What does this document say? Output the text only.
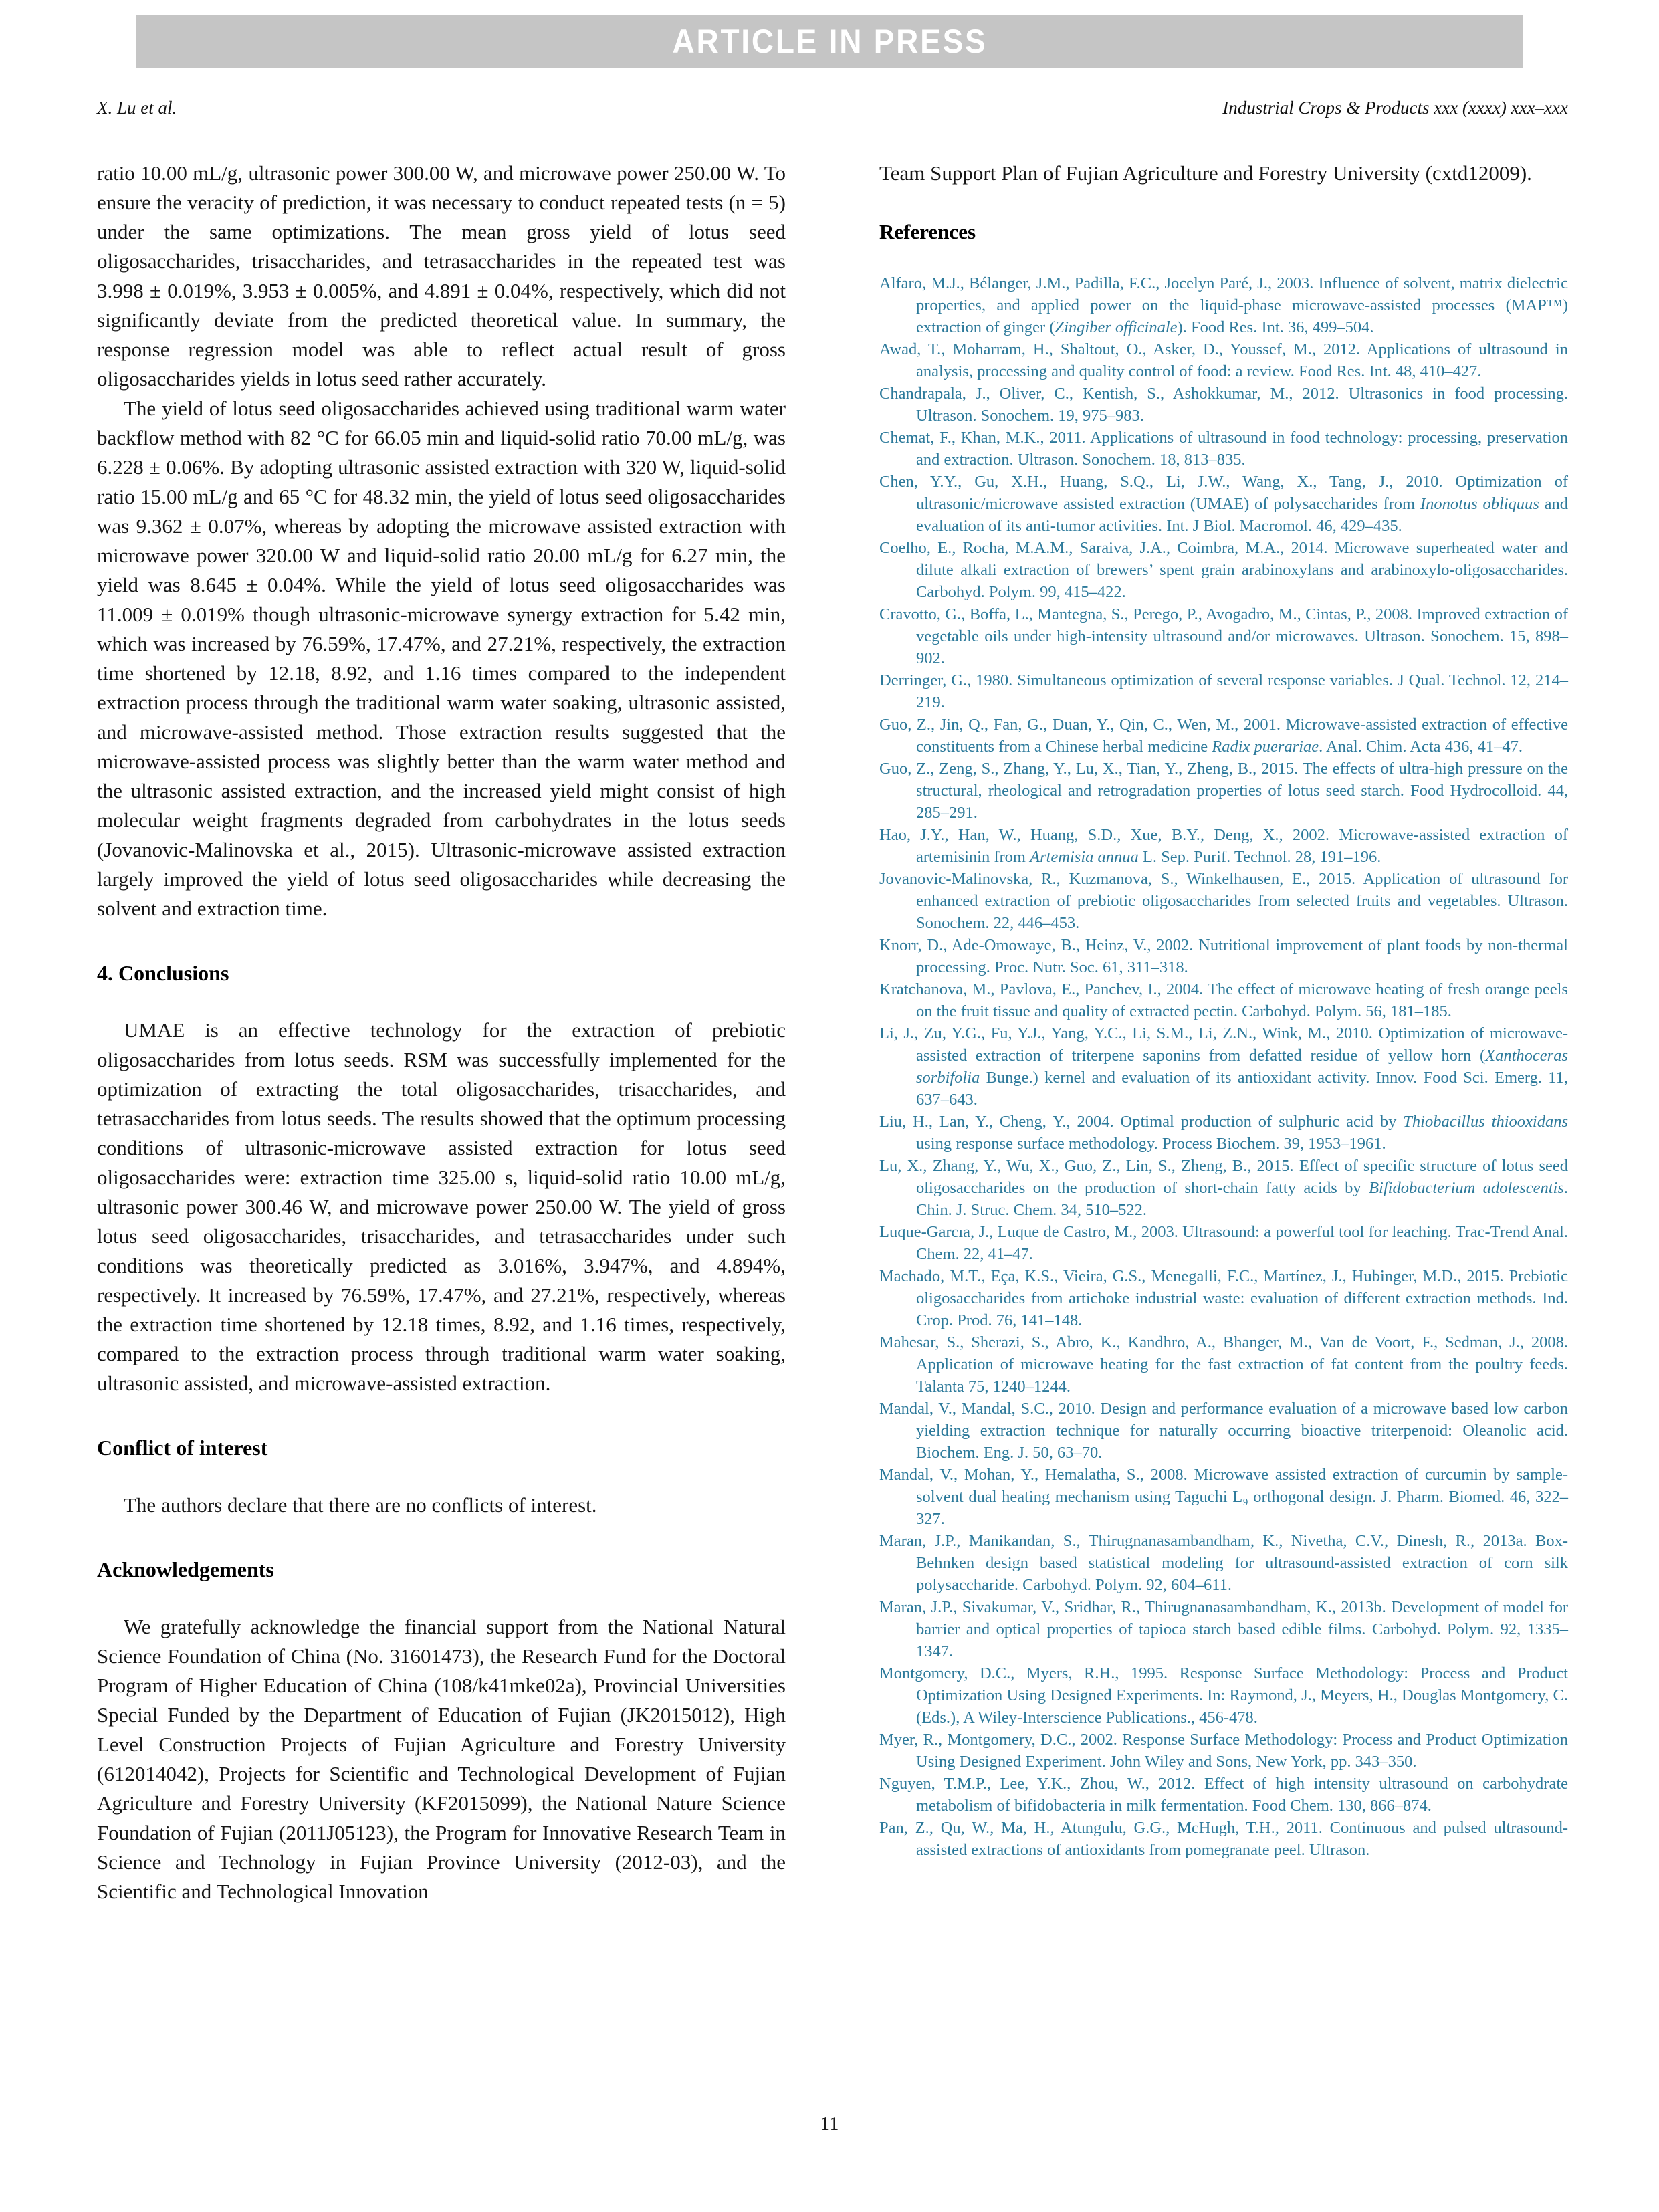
ARTICLE IN PRESS
X. Lu et al.	Industrial Crops & Products xxx (xxxx) xxx–xxx

ratio 10.00 mL/g, ultrasonic power 300.00 W, and microwave power 250.00 W. To ensure the veracity of prediction, it was necessary to conduct repeated tests (n = 5) under the same optimizations. The mean gross yield of lotus seed oligosaccharides, trisaccharides, and tetrasaccharides in the repeated test was 3.998 ± 0.019%, 3.953 ± 0.005%, and 4.891 ± 0.04%, respectively, which did not significantly deviate from the predicted theoretical value. In summary, the response regression model was able to reflect actual result of gross oligosaccharides yields in lotus seed rather accurately.

The yield of lotus seed oligosaccharides achieved using traditional warm water backflow method with 82 °C for 66.05 min and liquid-solid ratio 70.00 mL/g, was 6.228 ± 0.06%. By adopting ultrasonic assisted extraction with 320 W, liquid-solid ratio 15.00 mL/g and 65 °C for 48.32 min, the yield of lotus seed oligosaccharides was 9.362 ± 0.07%, whereas by adopting the microwave assisted extraction with microwave power 320.00 W and liquid-solid ratio 20.00 mL/g for 6.27 min, the yield was 8.645 ± 0.04%. While the yield of lotus seed oligosaccharides was 11.009 ± 0.019% though ultrasonic-microwave synergy extraction for 5.42 min, which was increased by 76.59%, 17.47%, and 27.21%, respectively, the extraction time shortened by 12.18, 8.92, and 1.16 times compared to the independent extraction process through the traditional warm water soaking, ultrasonic assisted, and microwave-assisted method. Those extraction results suggested that the microwave-assisted process was slightly better than the warm water method and the ultrasonic assisted extraction, and the increased yield might consist of high molecular weight fragments degraded from carbohydrates in the lotus seeds (Jovanovic-Malinovska et al., 2015). Ultrasonic-microwave assisted extraction largely improved the yield of lotus seed oligosaccharides while decreasing the solvent and extraction time.

4. Conclusions

UMAE is an effective technology for the extraction of prebiotic oligosaccharides from lotus seeds. RSM was successfully implemented for the optimization of extracting the total oligosaccharides, trisaccharides, and tetrasaccharides from lotus seeds. The results showed that the optimum processing conditions of ultrasonic-microwave assisted extraction for lotus seed oligosaccharides were: extraction time 325.00 s, liquid-solid ratio 10.00 mL/g, ultrasonic power 300.46 W, and microwave power 250.00 W. The yield of gross lotus seed oligosaccharides, trisaccharides, and tetrasaccharides under such conditions was theoretically predicted as 3.016%, 3.947%, and 4.894%, respectively. It increased by 76.59%, 17.47%, and 27.21%, respectively, whereas the extraction time shortened by 12.18 times, 8.92, and 1.16 times, respectively, compared to the extraction process through traditional warm water soaking, ultrasonic assisted, and microwave-assisted extraction.

Conflict of interest

The authors declare that there are no conflicts of interest.

Acknowledgements

We gratefully acknowledge the financial support from the National Natural Science Foundation of China (No. 31601473), the Research Fund for the Doctoral Program of Higher Education of China (108/k41mke02a), Provincial Universities Special Funded by the Department of Education of Fujian (JK2015012), High Level Construction Projects of Fujian Agriculture and Forestry University (612014042), Projects for Scientific and Technological Development of Fujian Agriculture and Forestry University (KF2015099), the National Nature Science Foundation of Fujian (2011J05123), the Program for Innovative Research Team in Science and Technology in Fujian Province University (2012-03), and the Scientific and Technological Innovation

Team Support Plan of Fujian Agriculture and Forestry University (cxtd12009).

References
Alfaro, M.J., Bélanger, J.M., Padilla, F.C., Jocelyn Paré, J., 2003. Influence of solvent, matrix dielectric properties, and applied power on the liquid-phase microwave-assisted processes (MAP™) extraction of ginger (Zingiber officinale). Food Res. Int. 36, 499–504.
Awad, T., Moharram, H., Shaltout, O., Asker, D., Youssef, M., 2012. Applications of ultrasound in analysis, processing and quality control of food: a review. Food Res. Int. 48, 410–427.
Chandrapala, J., Oliver, C., Kentish, S., Ashokkumar, M., 2012. Ultrasonics in food processing. Ultrason. Sonochem. 19, 975–983.
Chemat, F., Khan, M.K., 2011. Applications of ultrasound in food technology: processing, preservation and extraction. Ultrason. Sonochem. 18, 813–835.
Chen, Y.Y., Gu, X.H., Huang, S.Q., Li, J.W., Wang, X., Tang, J., 2010. Optimization of ultrasonic/microwave assisted extraction (UMAE) of polysaccharides from Inonotus obliquus and evaluation of its anti-tumor activities. Int. J Biol. Macromol. 46, 429–435.
Coelho, E., Rocha, M.A.M., Saraiva, J.A., Coimbra, M.A., 2014. Microwave superheated water and dilute alkali extraction of brewers’ spent grain arabinoxylans and arabinoxylo-oligosaccharides. Carbohyd. Polym. 99, 415–422.
Cravotto, G., Boffa, L., Mantegna, S., Perego, P., Avogadro, M., Cintas, P., 2008. Improved extraction of vegetable oils under high-intensity ultrasound and/or microwaves. Ultrason. Sonochem. 15, 898–902.
Derringer, G., 1980. Simultaneous optimization of several response variables. J Qual. Technol. 12, 214–219.
Guo, Z., Jin, Q., Fan, G., Duan, Y., Qin, C., Wen, M., 2001. Microwave-assisted extraction of effective constituents from a Chinese herbal medicine Radix puerariae. Anal. Chim. Acta 436, 41–47.
Guo, Z., Zeng, S., Zhang, Y., Lu, X., Tian, Y., Zheng, B., 2015. The effects of ultra-high pressure on the structural, rheological and retrogradation properties of lotus seed starch. Food Hydrocolloid. 44, 285–291.
Hao, J.Y., Han, W., Huang, S.D., Xue, B.Y., Deng, X., 2002. Microwave-assisted extraction of artemisinin from Artemisia annua L. Sep. Purif. Technol. 28, 191–196.
Jovanovic-Malinovska, R., Kuzmanova, S., Winkelhausen, E., 2015. Application of ultrasound for enhanced extraction of prebiotic oligosaccharides from selected fruits and vegetables. Ultrason. Sonochem. 22, 446–453.
Knorr, D., Ade-Omowaye, B., Heinz, V., 2002. Nutritional improvement of plant foods by non-thermal processing. Proc. Nutr. Soc. 61, 311–318.
Kratchanova, M., Pavlova, E., Panchev, I., 2004. The effect of microwave heating of fresh orange peels on the fruit tissue and quality of extracted pectin. Carbohyd. Polym. 56, 181–185.
Li, J., Zu, Y.G., Fu, Y.J., Yang, Y.C., Li, S.M., Li, Z.N., Wink, M., 2010. Optimization of microwave-assisted extraction of triterpene saponins from defatted residue of yellow horn (Xanthoceras sorbifolia Bunge.) kernel and evaluation of its antioxidant activity. Innov. Food Sci. Emerg. 11, 637–643.
Liu, H., Lan, Y., Cheng, Y., 2004. Optimal production of sulphuric acid by Thiobacillus thiooxidans using response surface methodology. Process Biochem. 39, 1953–1961.
Lu, X., Zhang, Y., Wu, X., Guo, Z., Lin, S., Zheng, B., 2015. Effect of specific structure of lotus seed oligosaccharides on the production of short-chain fatty acids by Bifidobacterium adolescentis. Chin. J. Struc. Chem. 34, 510–522.
Luque-Garcıa, J., Luque de Castro, M., 2003. Ultrasound: a powerful tool for leaching. Trac-Trend Anal. Chem. 22, 41–47.
Machado, M.T., Eça, K.S., Vieira, G.S., Menegalli, F.C., Martínez, J., Hubinger, M.D., 2015. Prebiotic oligosaccharides from artichoke industrial waste: evaluation of different extraction methods. Ind. Crop. Prod. 76, 141–148.
Mahesar, S., Sherazi, S., Abro, K., Kandhro, A., Bhanger, M., Van de Voort, F., Sedman, J., 2008. Application of microwave heating for the fast extraction of fat content from the poultry feeds. Talanta 75, 1240–1244.
Mandal, V., Mandal, S.C., 2010. Design and performance evaluation of a microwave based low carbon yielding extraction technique for naturally occurring bioactive triterpenoid: Oleanolic acid. Biochem. Eng. J. 50, 63–70.
Mandal, V., Mohan, Y., Hemalatha, S., 2008. Microwave assisted extraction of curcumin by sample-solvent dual heating mechanism using Taguchi L₉ orthogonal design. J. Pharm. Biomed. 46, 322–327.
Maran, J.P., Manikandan, S., Thirugnanasambandham, K., Nivetha, C.V., Dinesh, R., 2013a. Box-Behnken design based statistical modeling for ultrasound-assisted extraction of corn silk polysaccharide. Carbohyd. Polym. 92, 604–611.
Maran, J.P., Sivakumar, V., Sridhar, R., Thirugnanasambandham, K., 2013b. Development of model for barrier and optical properties of tapioca starch based edible films. Carbohyd. Polym. 92, 1335–1347.
Montgomery, D.C., Myers, R.H., 1995. Response Surface Methodology: Process and Product Optimization Using Designed Experiments. In: Raymond, J., Meyers, H., Douglas Montgomery, C. (Eds.), A Wiley-Interscience Publications., 456-478.
Myer, R., Montgomery, D.C., 2002. Response Surface Methodology: Process and Product Optimization Using Designed Experiment. John Wiley and Sons, New York, pp. 343–350.
Nguyen, T.M.P., Lee, Y.K., Zhou, W., 2012. Effect of high intensity ultrasound on carbohydrate metabolism of bifidobacteria in milk fermentation. Food Chem. 130, 866–874.
Pan, Z., Qu, W., Ma, H., Atungulu, G.G., McHugh, T.H., 2011. Continuous and pulsed ultrasound-assisted extractions of antioxidants from pomegranate peel. Ultrason.
11
